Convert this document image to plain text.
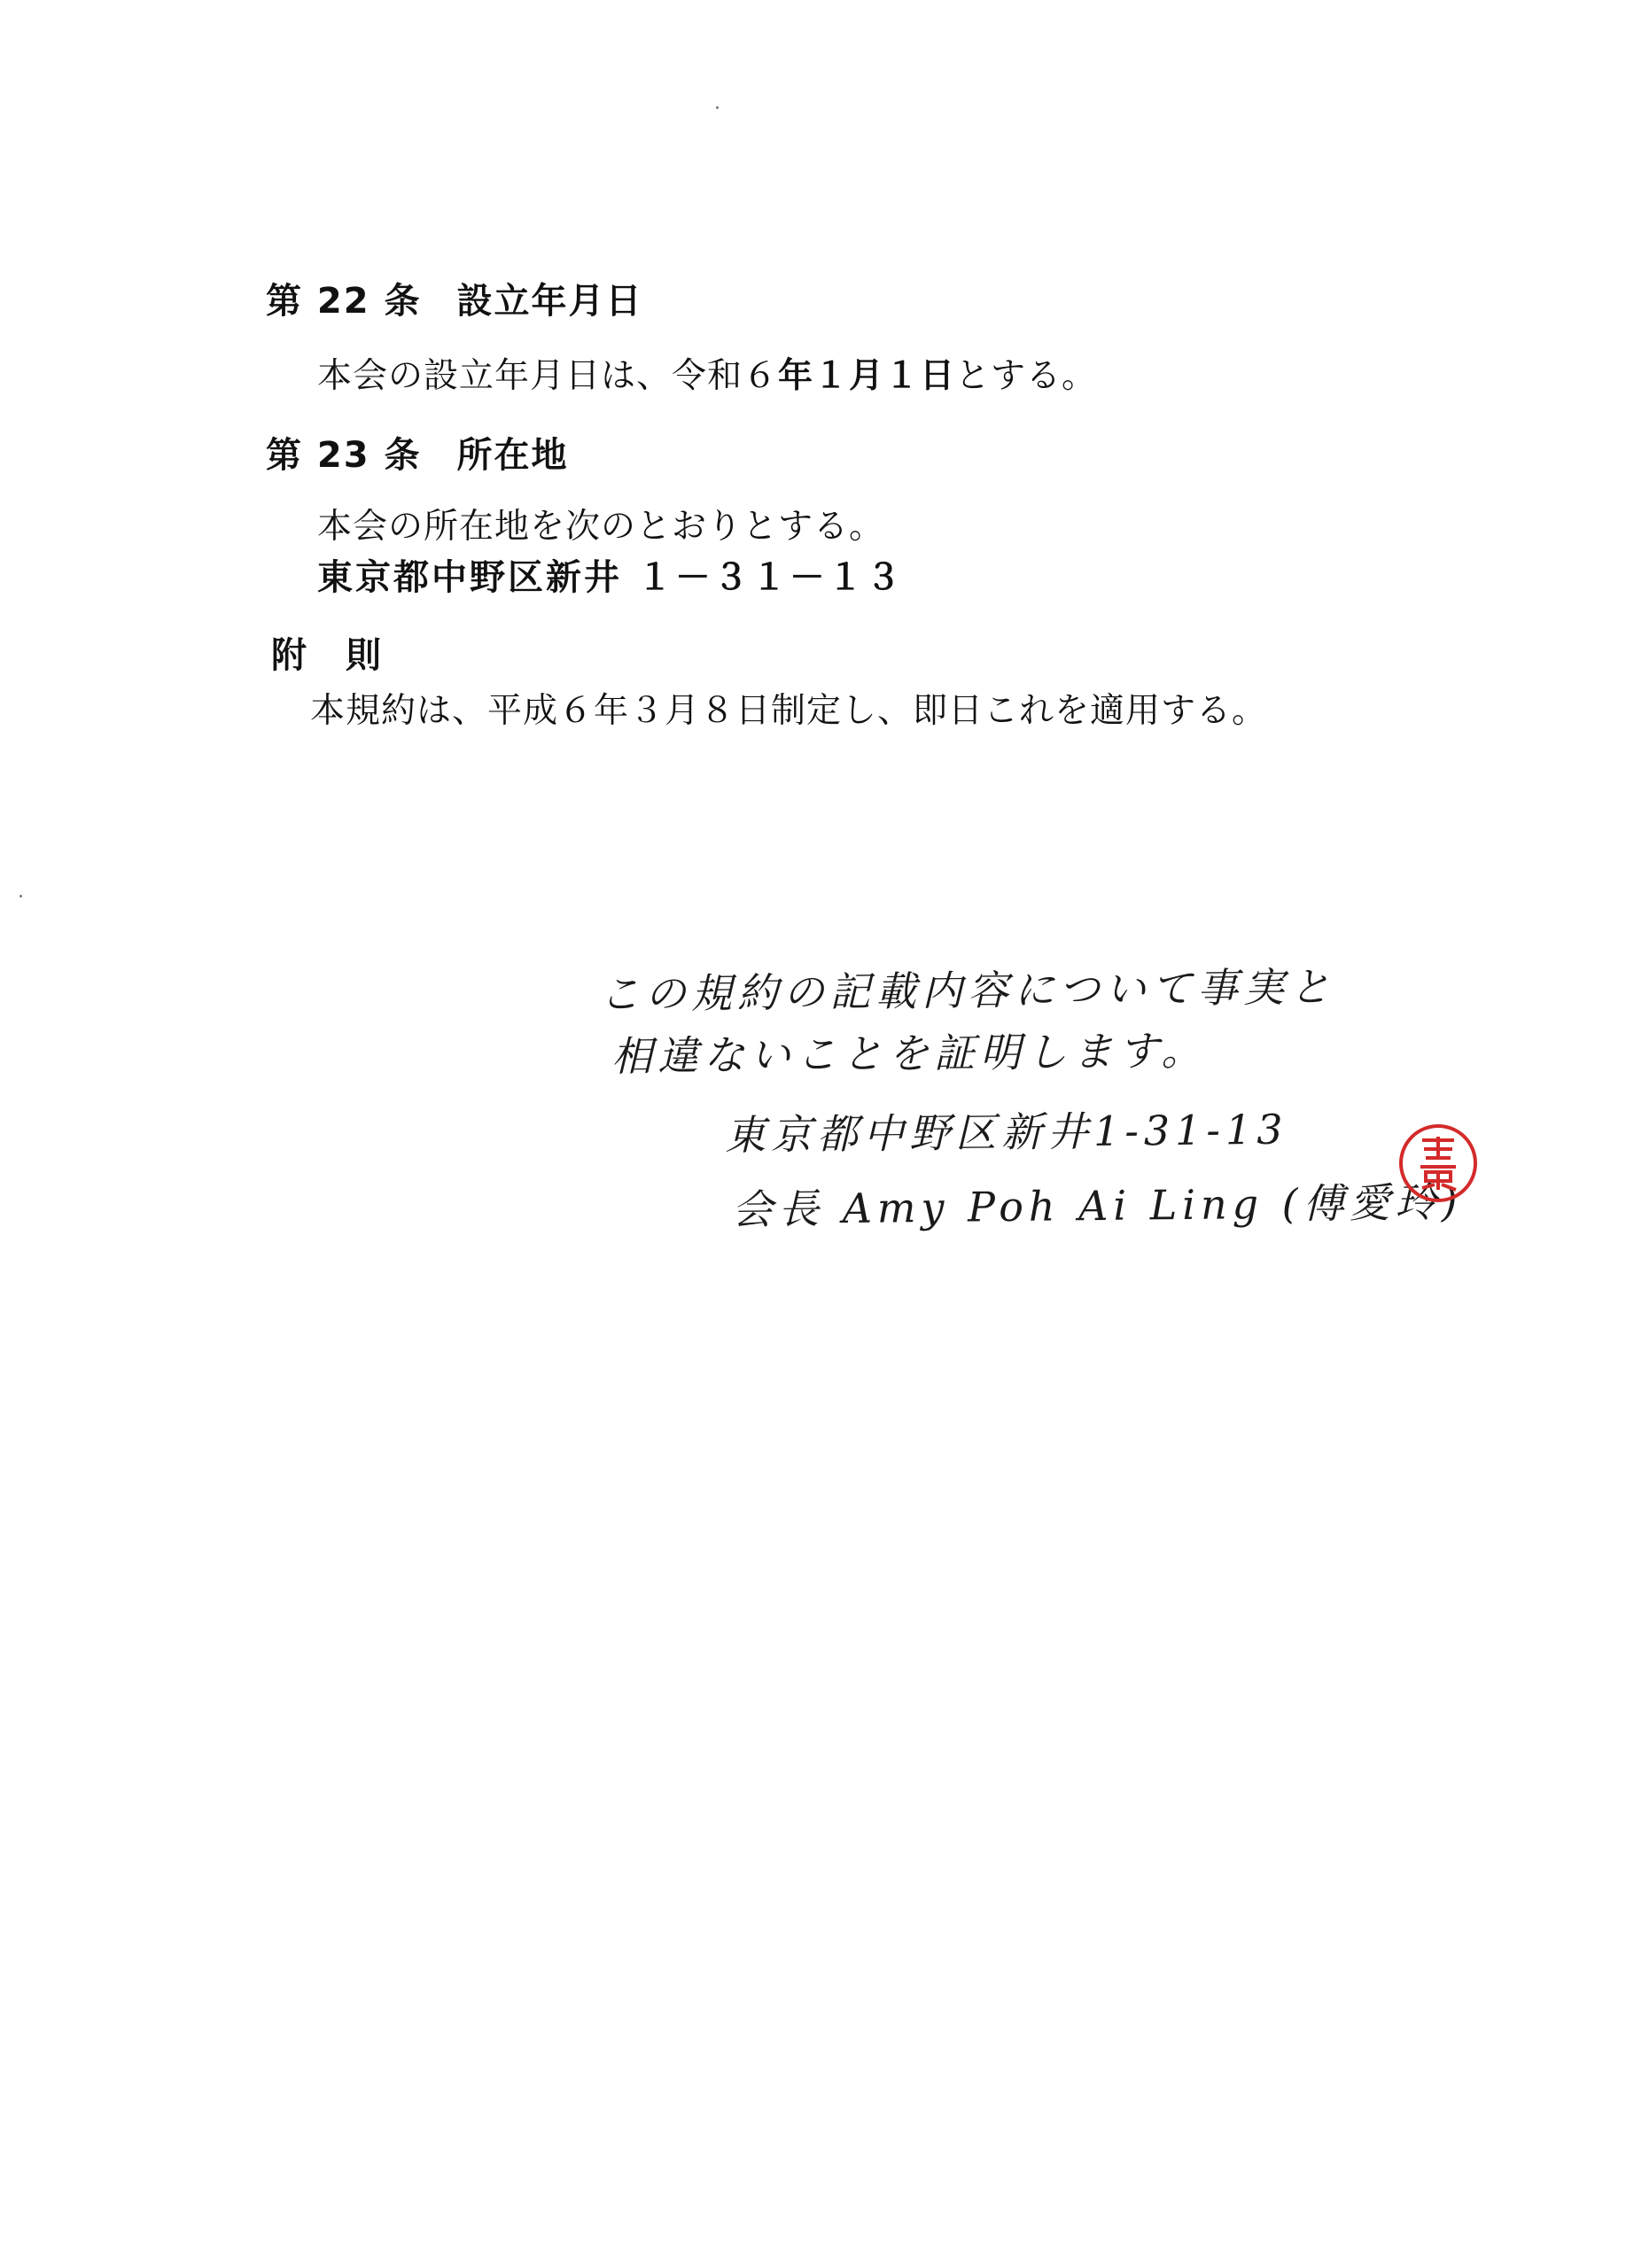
第 22 条 設立年月日
本会の設立年月日は、令和６年１月１日とする。
第 23 条 所在地
本会の所在地を次のとおりとする。
東京都中野区新井 １－３１－１３
附　則
本規約は、平成６年３月８日制定し、即日これを適用する。
この規約の記載内容について事実と
相違ないことを証明します。
東京都中野区新井1-31-13
会長 Amy Poh Ai Ling (傅愛玲)
